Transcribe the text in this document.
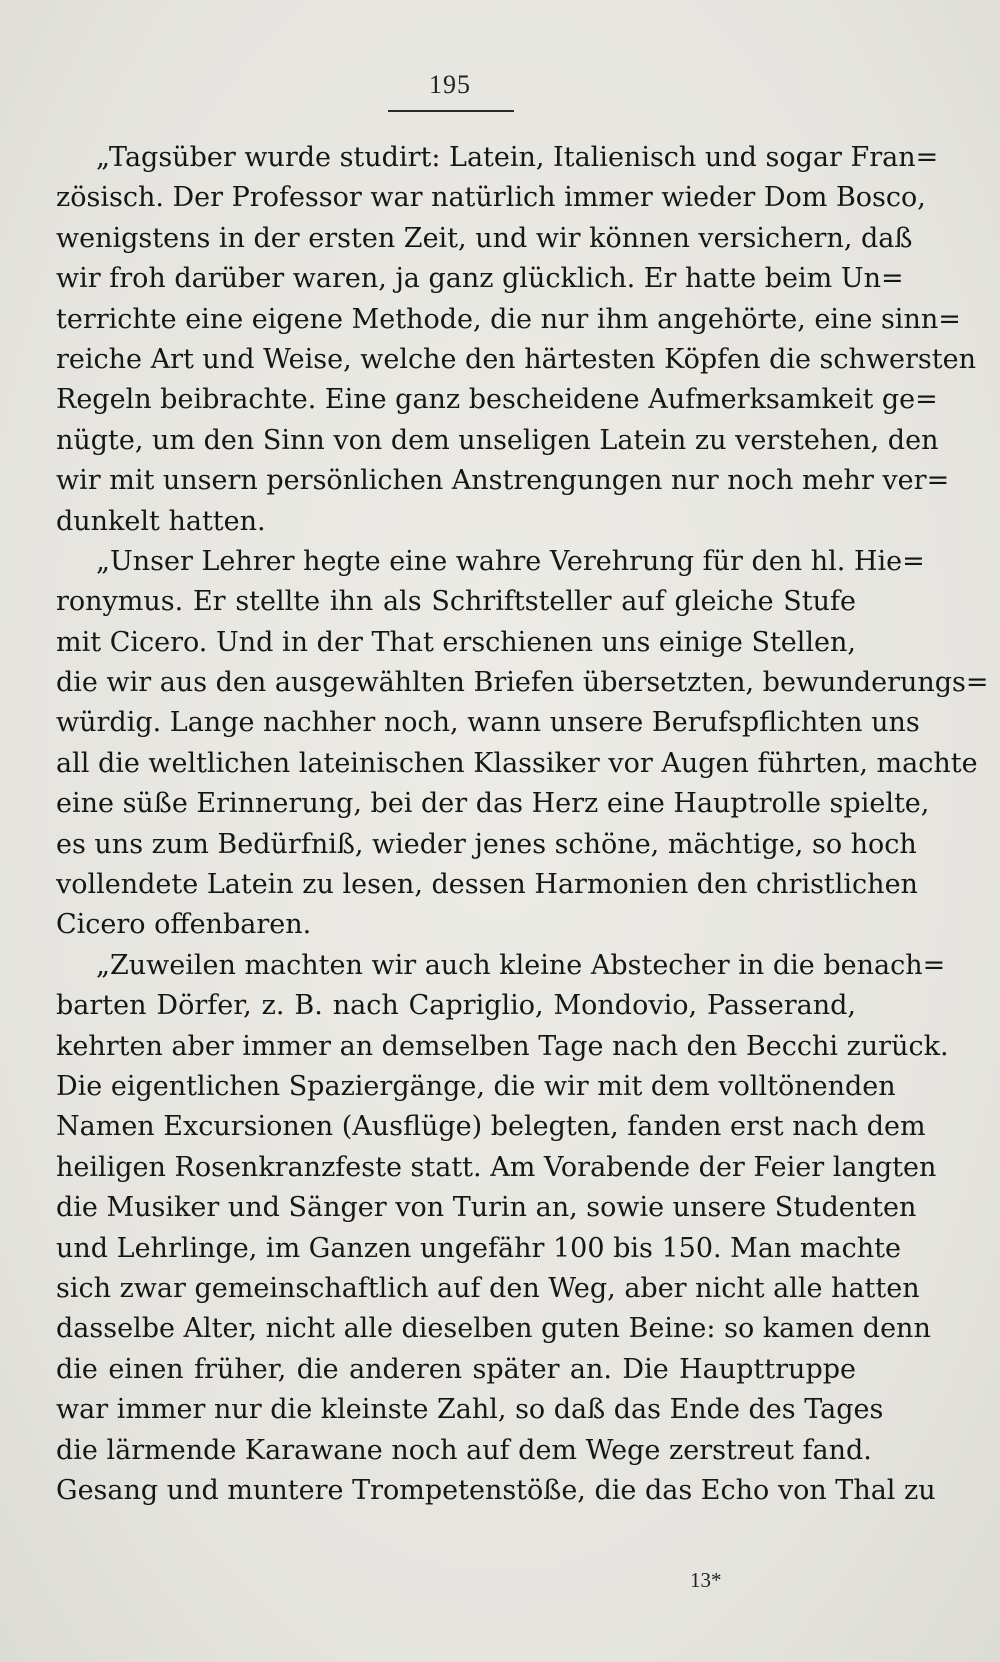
195
„Tagsüber wurde studirt: Latein, Italienisch und sogar Fran=
zösisch. Der Professor war natürlich immer wieder Dom Bosco,
wenigstens in der ersten Zeit, und wir können versichern, daß
wir froh darüber waren, ja ganz glücklich. Er hatte beim Un=
terrichte eine eigene Methode, die nur ihm angehörte, eine sinn=
reiche Art und Weise, welche den härtesten Köpfen die schwersten
Regeln beibrachte. Eine ganz bescheidene Aufmerksamkeit ge=
nügte, um den Sinn von dem unseligen Latein zu verstehen, den
wir mit unsern persönlichen Anstrengungen nur noch mehr ver=
dunkelt hatten.
„Unser Lehrer hegte eine wahre Verehrung für den hl. Hie=
ronymus. Er stellte ihn als Schriftsteller auf gleiche Stufe
mit Cicero. Und in der That erschienen uns einige Stellen,
die wir aus den ausgewählten Briefen übersetzten, bewunderungs=
würdig. Lange nachher noch, wann unsere Berufspflichten uns
all die weltlichen lateinischen Klassiker vor Augen führten, machte
eine süße Erinnerung, bei der das Herz eine Hauptrolle spielte,
es uns zum Bedürfniß, wieder jenes schöne, mächtige, so hoch
vollendete Latein zu lesen, dessen Harmonien den christlichen
Cicero offenbaren.
„Zuweilen machten wir auch kleine Abstecher in die benach=
barten Dörfer, z. B. nach Capriglio, Mondovio, Passerand,
kehrten aber immer an demselben Tage nach den Becchi zurück.
Die eigentlichen Spaziergänge, die wir mit dem volltönenden
Namen Excursionen (Ausflüge) belegten, fanden erst nach dem
heiligen Rosenkranzfeste statt. Am Vorabende der Feier langten
die Musiker und Sänger von Turin an, sowie unsere Studenten
und Lehrlinge, im Ganzen ungefähr 100 bis 150. Man machte
sich zwar gemeinschaftlich auf den Weg, aber nicht alle hatten
dasselbe Alter, nicht alle dieselben guten Beine: so kamen denn
die einen früher, die anderen später an. Die Haupttruppe
war immer nur die kleinste Zahl, so daß das Ende des Tages
die lärmende Karawane noch auf dem Wege zerstreut fand.
Gesang und muntere Trompetenstöße, die das Echo von Thal zu
13*
